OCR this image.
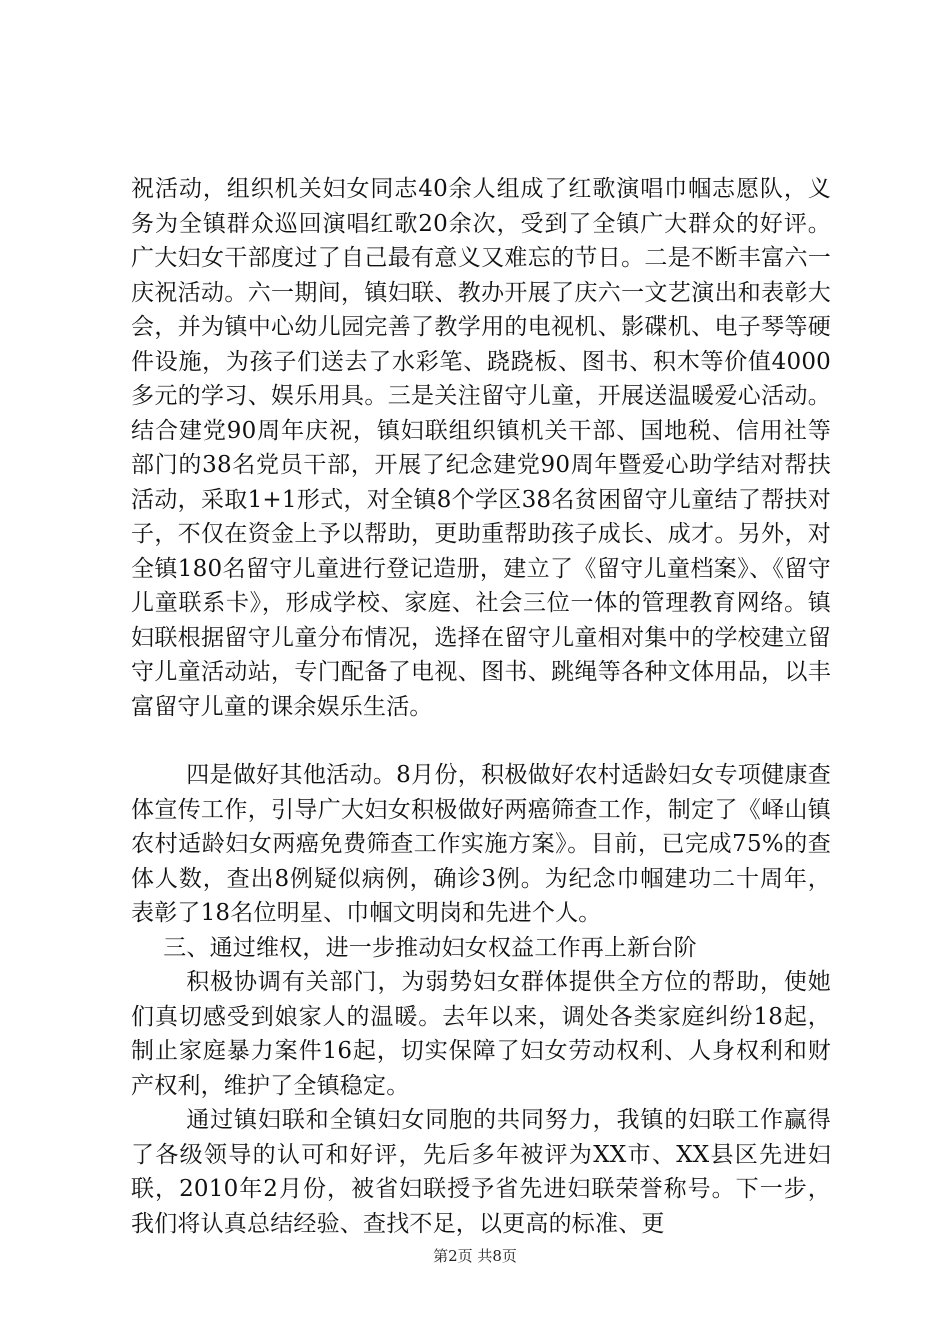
祝活动，组织机关妇女同志40余人组成了红歌演唱巾帼志愿队，义务为全镇群众巡回演唱红歌20余次，受到了全镇广大群众的好评。广大妇女干部度过了自己最有意义又难忘的节日。二是不断丰富六一庆祝活动。六一期间，镇妇联、教办开展了庆六一文艺演出和表彰大会，并为镇中心幼儿园完善了教学用的电视机、影碟机、电子琴等硬件设施，为孩子们送去了水彩笔、跷跷板、图书、积木等价值4000多元的学习、娱乐用具。三是关注留守儿童，开展送温暖爱心活动。结合建党90周年庆祝，镇妇联组织镇机关干部、国地税、信用社等部门的38名党员干部，开展了纪念建党90周年暨爱心助学结对帮扶活动，采取1+1形式，对全镇8个学区38名贫困留守儿童结了帮扶对子，不仅在资金上予以帮助，更助重帮助孩子成长、成才。另外，对全镇180名留守儿童进行登记造册，建立了《留守儿童档案》、《留守儿童联系卡》，形成学校、家庭、社会三位一体的管理教育网络。镇妇联根据留守儿童分布情况，选择在留守儿童相对集中的学校建立留守儿童活动站，专门配备了电视、图书、跳绳等各种文体用品，以丰富留守儿童的课余娱乐生活。

四是做好其他活动。8月份，积极做好农村适龄妇女专项健康查体宣传工作，引导广大妇女积极做好两癌筛查工作，制定了《峄山镇农村适龄妇女两癌免费筛查工作实施方案》。目前，已完成75%的查体人数，查出8例疑似病例，确诊3例。为纪念巾帼建功二十周年，表彰了18名位明星、巾帼文明岗和先进个人。

三、通过维权，进一步推动妇女权益工作再上新台阶

积极协调有关部门，为弱势妇女群体提供全方位的帮助，使她们真切感受到娘家人的温暖。去年以来，调处各类家庭纠纷18起，制止家庭暴力案件16起，切实保障了妇女劳动权利、人身权利和财产权利，维护了全镇稳定。

通过镇妇联和全镇妇女同胞的共同努力，我镇的妇联工作赢得了各级领导的认可和好评，先后多年被评为XX市、XX县区先进妇联，2010年2月份，被省妇联授予省先进妇联荣誉称号。下一步，我们将认真总结经验、查找不足，以更高的标准、更

第2页 共8页
